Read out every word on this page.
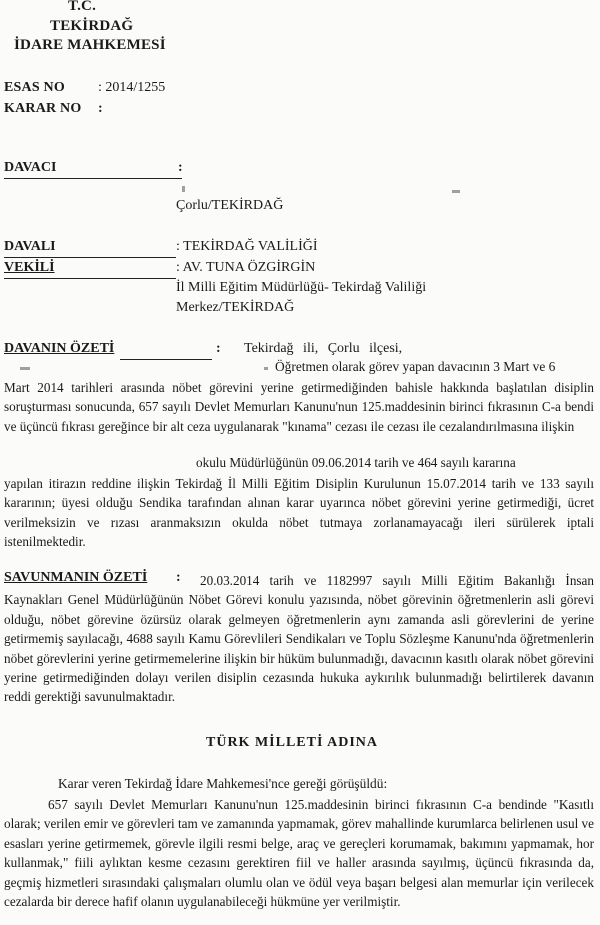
T.C.
TEKİRDAĞ
İDARE MAHKEMESİ
ESAS NO : 2014/1255
KARAR NO :
DAVACI	:
Çorlu/TEKİRDAĞ
DAVALI	: TEKİRDAĞ VALİLİĞİ
VEKİLİ	: AV. TUNA ÖZGİRGİN
İl Milli Eğitim Müdürlüğü- Tekirdağ Valiliği
Merkez/TEKİRDAĞ
DAVANIN ÖZETİ	: Tekirdağ ili, Çorlu ilçesi,
Öğretmen olarak görev yapan davacının 3 Mart ve 6
Mart 2014 tarihleri arasında nöbet görevini yerine getirmediğinden bahisle hakkında başlatılan disiplin soruşturması sonucunda, 657 sayılı Devlet Memurları Kanunu'nun 125.maddesinin birinci fıkrasının C-a bendi ve üçüncü fıkrası gereğince bir alt ceza uygulanarak "kınama" cezası ile cezası ile cezalandırılmasına ilişkin
okulu Müdürlüğünün 09.06.2014 tarih ve 464 sayılı kararına
yapılan itirazın reddine ilişkin Tekirdağ İl Milli Eğitim Disiplin Kurulunun 15.07.2014 tarih ve 133 sayılı kararının; üyesi olduğu Sendika tarafından alınan karar uyarınca nöbet görevini yerine getirmediği, ücret verilmeksizin ve rızası aranmaksızın okulda nöbet tutmaya zorlanamayacağı ileri sürülerek iptali istenilmektedir.
SAVUNMANIN ÖZETİ :	20.03.2014 tarih ve 1182997 sayılı Milli Eğitim Bakanlığı İnsan Kaynakları Genel Müdürlüğünün Nöbet Görevi konulu yazısında, nöbet görevinin öğretmenlerin asli görevi olduğu, nöbet görevine özürsüz olarak gelmeyen öğretmenlerin aynı zamanda asli görevlerini de yerine getirmemiş sayılacağı, 4688 sayılı Kamu Görevlileri Sendikaları ve Toplu Sözleşme Kanunu'nda öğretmenlerin nöbet görevlerini yerine getirmemelerine ilişkin bir hüküm bulunmadığı, davacının kasıtlı olarak nöbet görevini yerine getirmediğinden dolayı verilen disiplin cezasında hukuka aykırılık bulunmadığı belirtilerek davanın reddi gerektiği savunulmaktadır.
TÜRK MİLLETİ ADINA
Karar veren Tekirdağ İdare Mahkemesi'nce gereği görüşüldü:
657 sayılı Devlet Memurları Kanunu'nun 125.maddesinin birinci fıkrasının C-a bendinde "Kasıtlı olarak; verilen emir ve görevleri tam ve zamanında yapmamak, görev mahallinde kurumlarca belirlenen usul ve esasları yerine getirmemek, görevle ilgili resmi belge, araç ve gereçleri korumamak, bakımını yapmamak, hor kullanmak," fiili aylıktan kesme cezasını gerektiren fiil ve haller arasında sayılmış, üçüncü fıkrasında da, geçmiş hizmetleri sırasındaki çalışmaları olumlu olan ve ödül veya başarı belgesi alan memurlar için verilecek cezalarda bir derece hafif olanın uygulanabileceği hükmüne yer verilmiştir.
